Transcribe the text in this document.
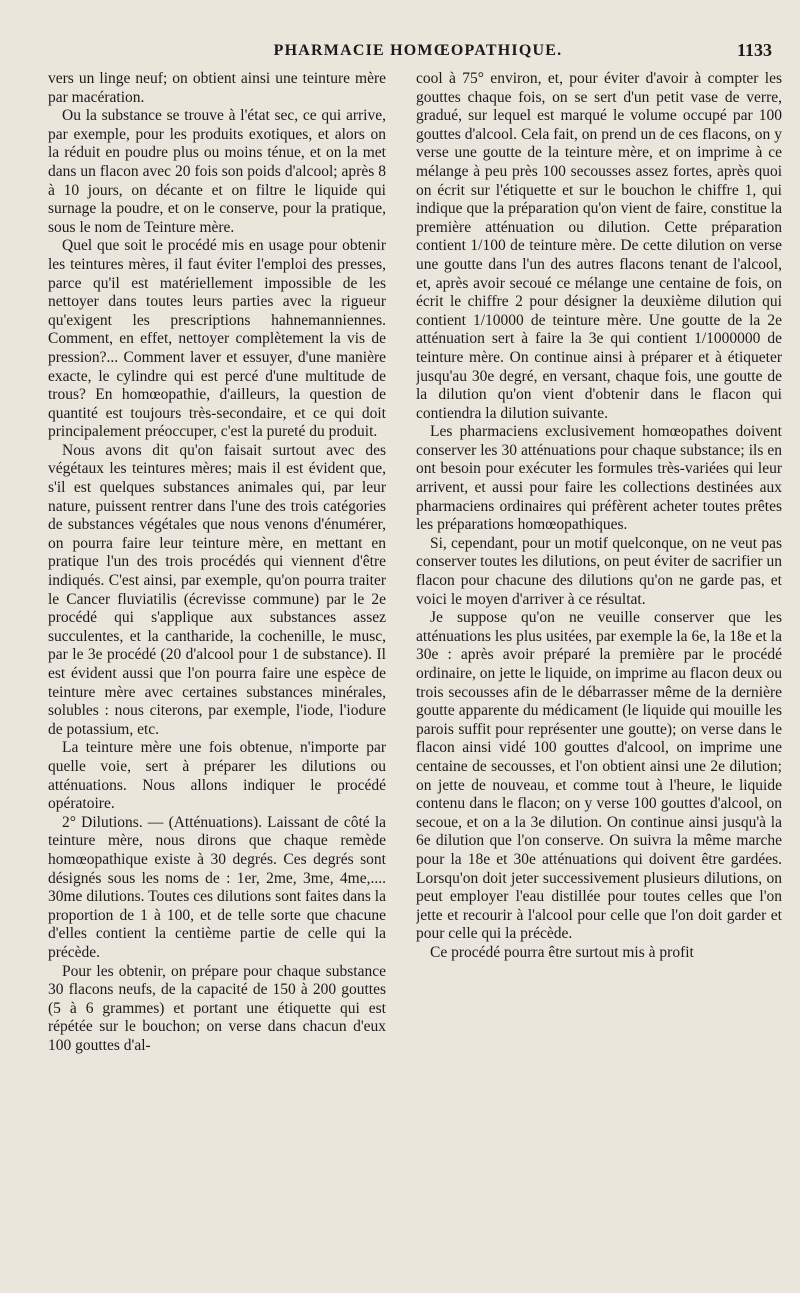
PHARMACIE HOMŒOPATHIQUE.	1133

vers un linge neuf; on obtient ainsi une teinture mère par macération.

Ou la substance se trouve à l'état sec, ce qui arrive, par exemple, pour les produits exotiques, et alors on la réduit en poudre plus ou moins ténue, et on la met dans un flacon avec 20 fois son poids d'alcool; après 8 à 10 jours, on décante et on filtre le liquide qui surnage la poudre, et on le conserve, pour la pratique, sous le nom de Teinture mère.

Quel que soit le procédé mis en usage pour obtenir les teintures mères, il faut éviter l'emploi des presses, parce qu'il est matériellement impossible de les nettoyer dans toutes leurs parties avec la rigueur qu'exigent les prescriptions hahnemanniennes. Comment, en effet, nettoyer complètement la vis de pression?... Comment laver et essuyer, d'une manière exacte, le cylindre qui est percé d'une multitude de trous? En homœopathie, d'ailleurs, la question de quantité est toujours très-secondaire, et ce qui doit principalement préoccuper, c'est la pureté du produit.

Nous avons dit qu'on faisait surtout avec des végétaux les teintures mères; mais il est évident que, s'il est quelques substances animales qui, par leur nature, puissent rentrer dans l'une des trois catégories de substances végétales que nous venons d'énumérer, on pourra faire leur teinture mère, en mettant en pratique l'un des trois procédés qui viennent d'être indiqués. C'est ainsi, par exemple, qu'on pourra traiter le Cancer fluviatilis (écrevisse commune) par le 2e procédé qui s'applique aux substances assez succulentes, et la cantharide, la cochenille, le musc, par le 3e procédé (20 d'alcool pour 1 de substance). Il est évident aussi que l'on pourra faire une espèce de teinture mère avec certaines substances minérales, solubles : nous citerons, par exemple, l'iode, l'iodure de potassium, etc.

La teinture mère une fois obtenue, n'importe par quelle voie, sert à préparer les dilutions ou atténuations. Nous allons indiquer le procédé opératoire.

2° Dilutions. — (Atténuations). Laissant de côté la teinture mère, nous dirons que chaque remède homœopathique existe à 30 degrés. Ces degrés sont désignés sous les noms de : 1er, 2me, 3me, 4me,.... 30me dilutions. Toutes ces dilutions sont faites dans la proportion de 1 à 100, et de telle sorte que chacune d'elles contient la centième partie de celle qui la précède.

Pour les obtenir, on prépare pour chaque substance 30 flacons neufs, de la capacité de 150 à 200 gouttes (5 à 6 grammes) et portant une étiquette qui est répétée sur le bouchon; on verse dans chacun d'eux 100 gouttes d'al-

cool à 75° environ, et, pour éviter d'avoir à compter les gouttes chaque fois, on se sert d'un petit vase de verre, gradué, sur lequel est marqué le volume occupé par 100 gouttes d'alcool. Cela fait, on prend un de ces flacons, on y verse une goutte de la teinture mère, et on imprime à ce mélange à peu près 100 secousses assez fortes, après quoi on écrit sur l'étiquette et sur le bouchon le chiffre 1, qui indique que la préparation qu'on vient de faire, constitue la première atténuation ou dilution. Cette préparation contient 1/100 de teinture mère. De cette dilution on verse une goutte dans l'un des autres flacons tenant de l'alcool, et, après avoir secoué ce mélange une centaine de fois, on écrit le chiffre 2 pour désigner la deuxième dilution qui contient 1/10000 de teinture mère. Une goutte de la 2e atténuation sert à faire la 3e qui contient 1/1000000 de teinture mère. On continue ainsi à préparer et à étiqueter jusqu'au 30e degré, en versant, chaque fois, une goutte de la dilution qu'on vient d'obtenir dans le flacon qui contiendra la dilution suivante.

Les pharmaciens exclusivement homœopathes doivent conserver les 30 atténuations pour chaque substance; ils en ont besoin pour exécuter les formules très-variées qui leur arrivent, et aussi pour faire les collections destinées aux pharmaciens ordinaires qui préfèrent acheter toutes prêtes les préparations homœopathiques.

Si, cependant, pour un motif quelconque, on ne veut pas conserver toutes les dilutions, on peut éviter de sacrifier un flacon pour chacune des dilutions qu'on ne garde pas, et voici le moyen d'arriver à ce résultat.

Je suppose qu'on ne veuille conserver que les atténuations les plus usitées, par exemple la 6e, la 18e et la 30e : après avoir préparé la première par le procédé ordinaire, on jette le liquide, on imprime au flacon deux ou trois secousses afin de le débarrasser même de la dernière goutte apparente du médicament (le liquide qui mouille les parois suffit pour représenter une goutte); on verse dans le flacon ainsi vidé 100 gouttes d'alcool, on imprime une centaine de secousses, et l'on obtient ainsi une 2e dilution; on jette de nouveau, et comme tout à l'heure, le liquide contenu dans le flacon; on y verse 100 gouttes d'alcool, on secoue, et on a la 3e dilution. On continue ainsi jusqu'à la 6e dilution que l'on conserve. On suivra la même marche pour la 18e et 30e atténuations qui doivent être gardées. Lorsqu'on doit jeter successivement plusieurs dilutions, on peut employer l'eau distillée pour toutes celles que l'on jette et recourir à l'alcool pour celle que l'on doit garder et pour celle qui la précède.

Ce procédé pourra être surtout mis à profit
